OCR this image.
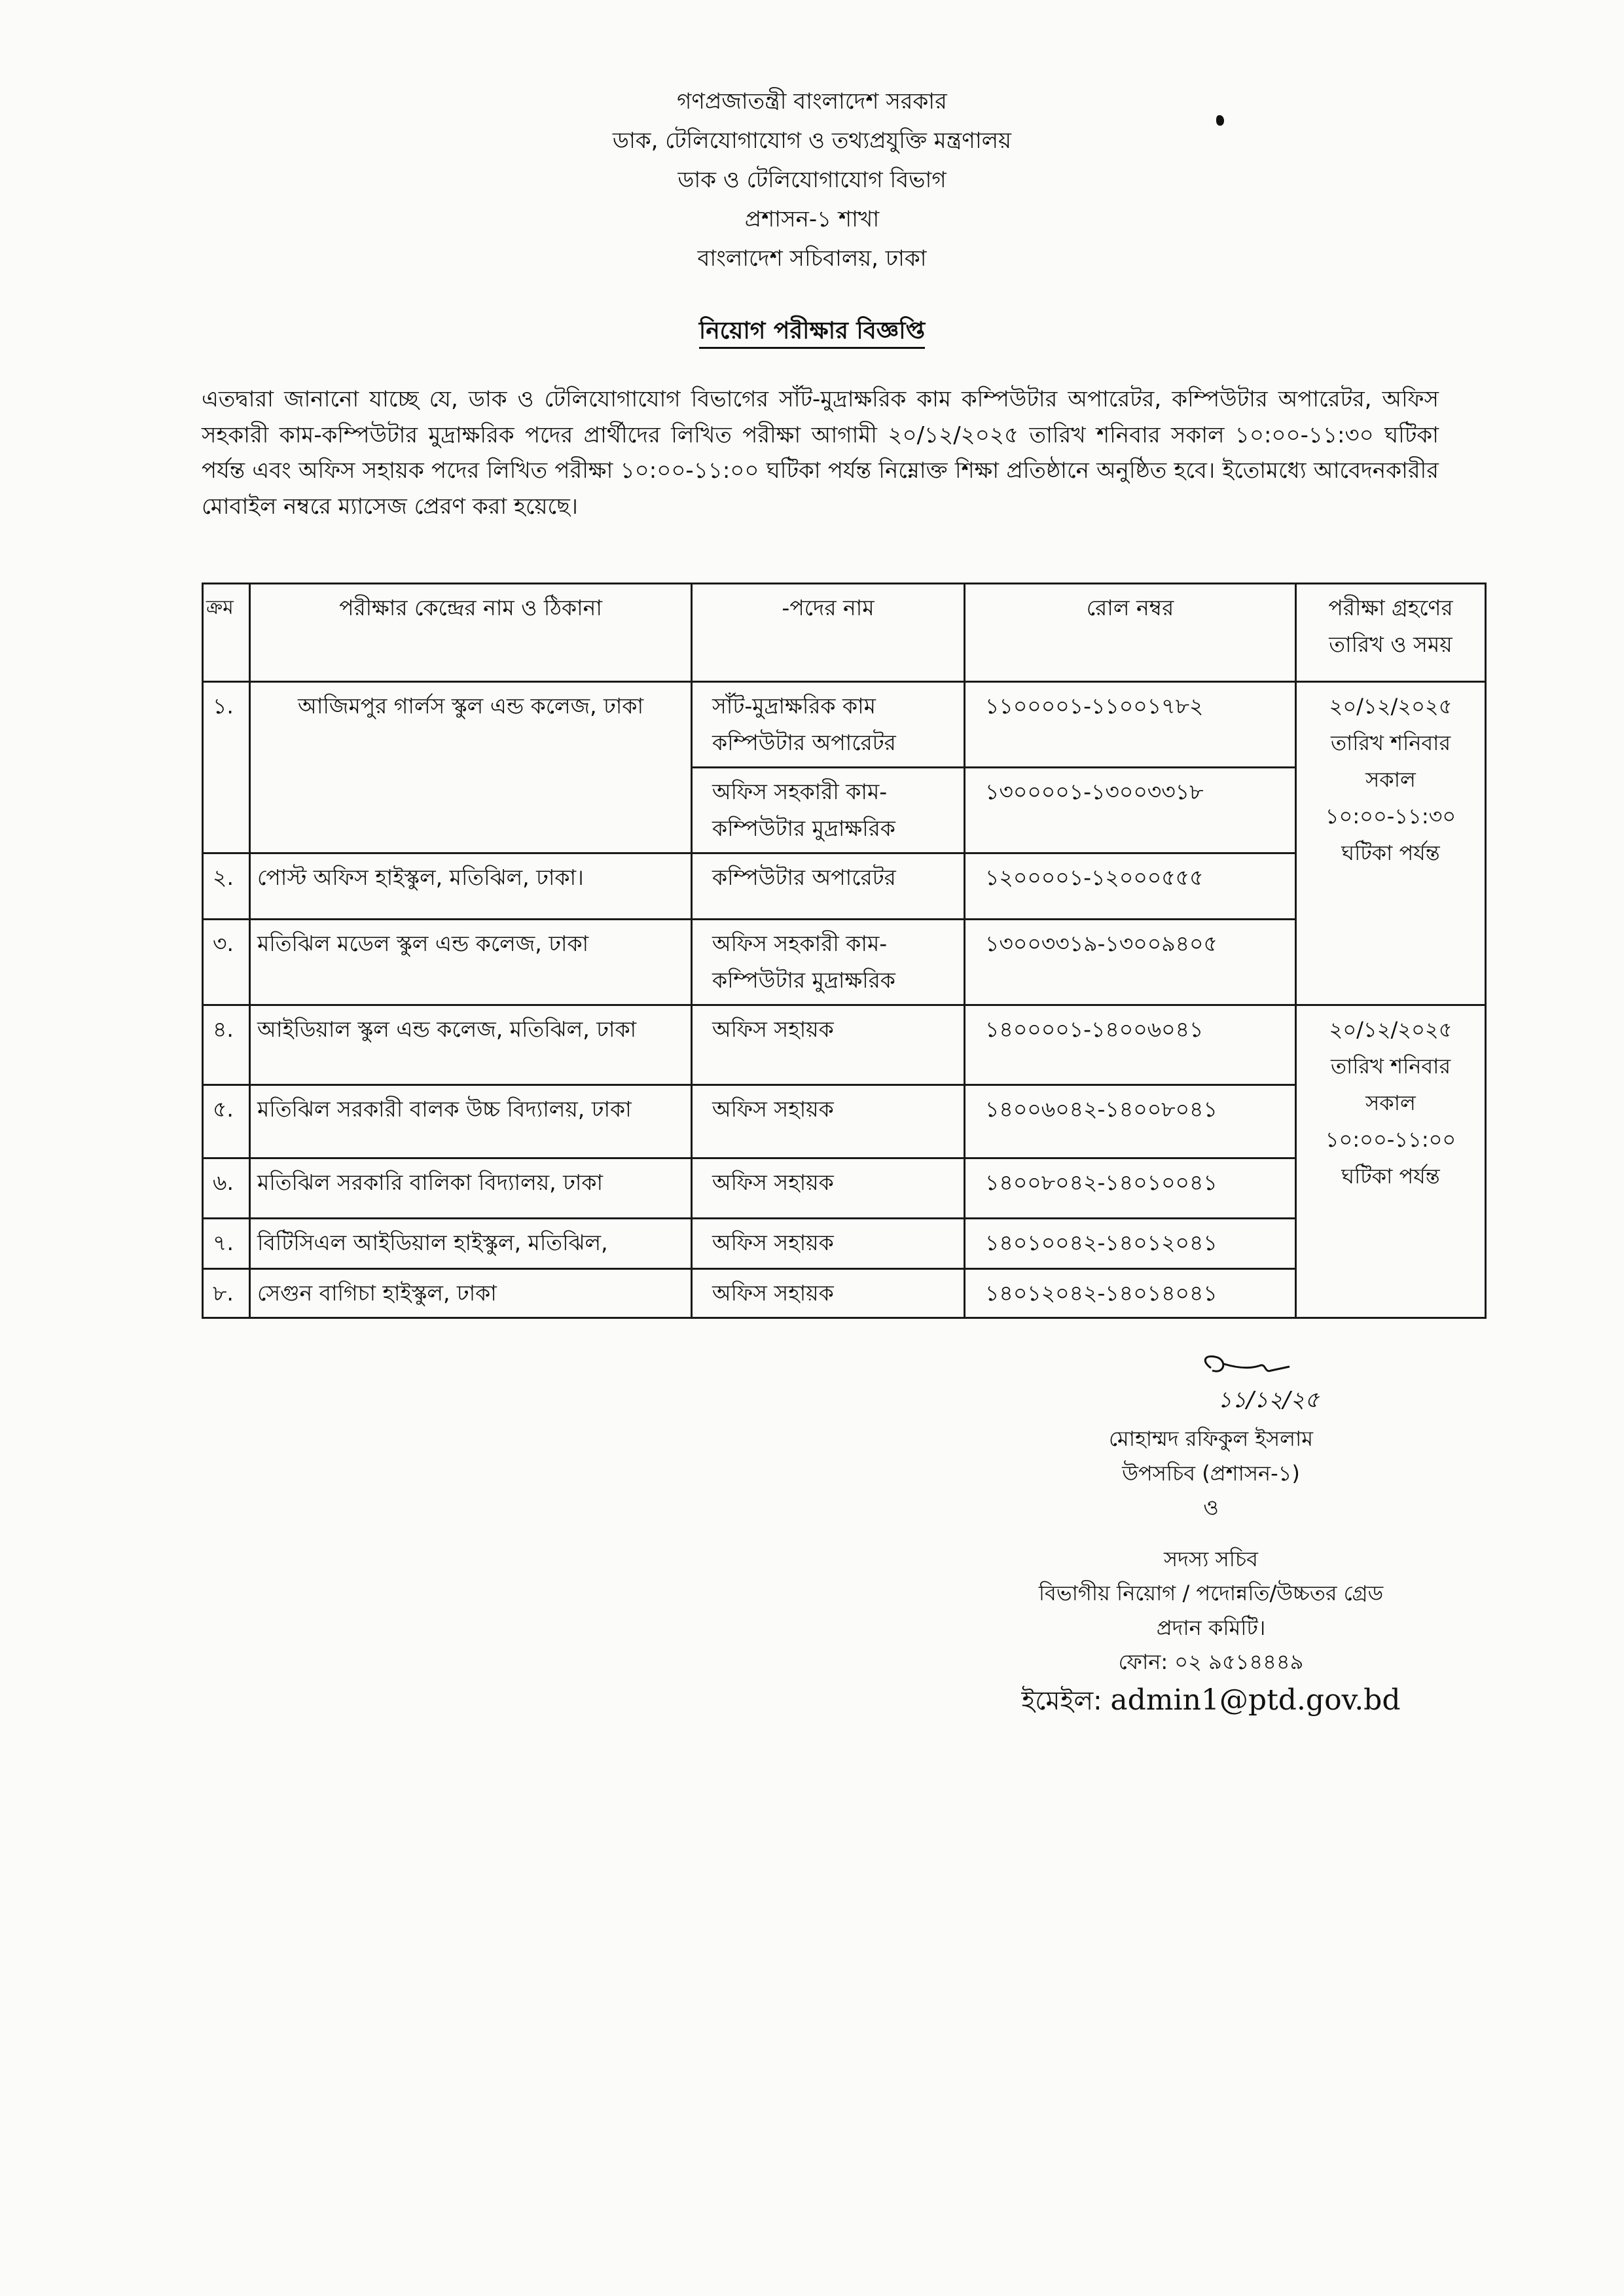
গণপ্রজাতন্ত্রী বাংলাদেশ সরকার
ডাক, টেলিযোগাযোগ ও তথ্যপ্রযুক্তি মন্ত্রণালয়
ডাক ও টেলিযোগাযোগ বিভাগ
প্রশাসন-১ শাখা
বাংলাদেশ সচিবালয়, ঢাকা
নিয়োগ পরীক্ষার বিজ্ঞপ্তি
এতদ্বারা জানানো যাচ্ছে যে, ডাক ও টেলিযোগাযোগ বিভাগের সাঁট-মুদ্রাক্ষরিক কাম কম্পিউটার অপারেটর, কম্পিউটার অপারেটর, অফিস সহকারী কাম-কম্পিউটার মুদ্রাক্ষরিক পদের প্রার্থীদের লিখিত পরীক্ষা আগামী ২০/১২/২০২৫ তারিখ শনিবার সকাল ১০:০০-১১:৩০ ঘটিকা পর্যন্ত এবং অফিস সহায়ক পদের লিখিত পরীক্ষা ১০:০০-১১:০০ ঘটিকা পর্যন্ত নিম্নোক্ত শিক্ষা প্রতিষ্ঠানে অনুষ্ঠিত হবে। ইতোমধ্যে আবেদনকারীর মোবাইল নম্বরে ম্যাসেজ প্রেরণ করা হয়েছে।
ক্রম	পরীক্ষার কেন্দ্রের নাম ও ঠিকানা	-পদের নাম	রোল নম্বর	পরীক্ষা গ্রহণের তারিখ ও সময়
১.	আজিমপুর গার্লস স্কুল এন্ড কলেজ, ঢাকা	সাঁট-মুদ্রাক্ষরিক কাম কম্পিউটার অপারেটর	১১০০০০১-১১০০১৭৮২	২০/১২/২০২৫ তারিখ শনিবার সকাল ১০:০০-১১:৩০ ঘটিকা পর্যন্ত
		অফিস সহকারী কাম-কম্পিউটার মুদ্রাক্ষরিক	১৩০০০০১-১৩০০৩৩১৮	
২.	পোস্ট অফিস হাইস্কুল, মতিঝিল, ঢাকা।	কম্পিউটার অপারেটর	১২০০০০১-১২০০০৫৫৫	
৩.	মতিঝিল মডেল স্কুল এন্ড কলেজ, ঢাকা	অফিস সহকারী কাম-কম্পিউটার মুদ্রাক্ষরিক	১৩০০৩৩১৯-১৩০০৯৪০৫	
৪.	আইডিয়াল স্কুল এন্ড কলেজ, মতিঝিল, ঢাকা	অফিস সহায়ক	১৪০০০০১-১৪০০৬০৪১	২০/১২/২০২৫ তারিখ শনিবার সকাল ১০:০০-১১:০০ ঘটিকা পর্যন্ত
৫.	মতিঝিল সরকারী বালক উচ্চ বিদ্যালয়, ঢাকা	অফিস সহায়ক	১৪০০৬০৪২-১৪০০৮০৪১	
৬.	মতিঝিল সরকারি বালিকা বিদ্যালয়, ঢাকা	অফিস সহায়ক	১৪০০৮০৪২-১৪০১০০৪১	
৭.	বিটিসিএল আইডিয়াল হাইস্কুল, মতিঝিল,	অফিস সহায়ক	১৪০১০০৪২-১৪০১২০৪১	
৮.	সেগুন বাগিচা হাইস্কুল, ঢাকা	অফিস সহায়ক	১৪০১২০৪২-১৪০১৪০৪১	
১১/১২/২৫
মোহাম্মদ রফিকুল ইসলাম
উপসচিব (প্রশাসন-১)
ও
সদস্য সচিব
বিভাগীয় নিয়োগ / পদোন্নতি/উচ্চতর গ্রেড
প্রদান কমিটি।
ফোন: ০২ ৯৫১৪৪৪৯
ইমেইল: admin1@ptd.gov.bd
